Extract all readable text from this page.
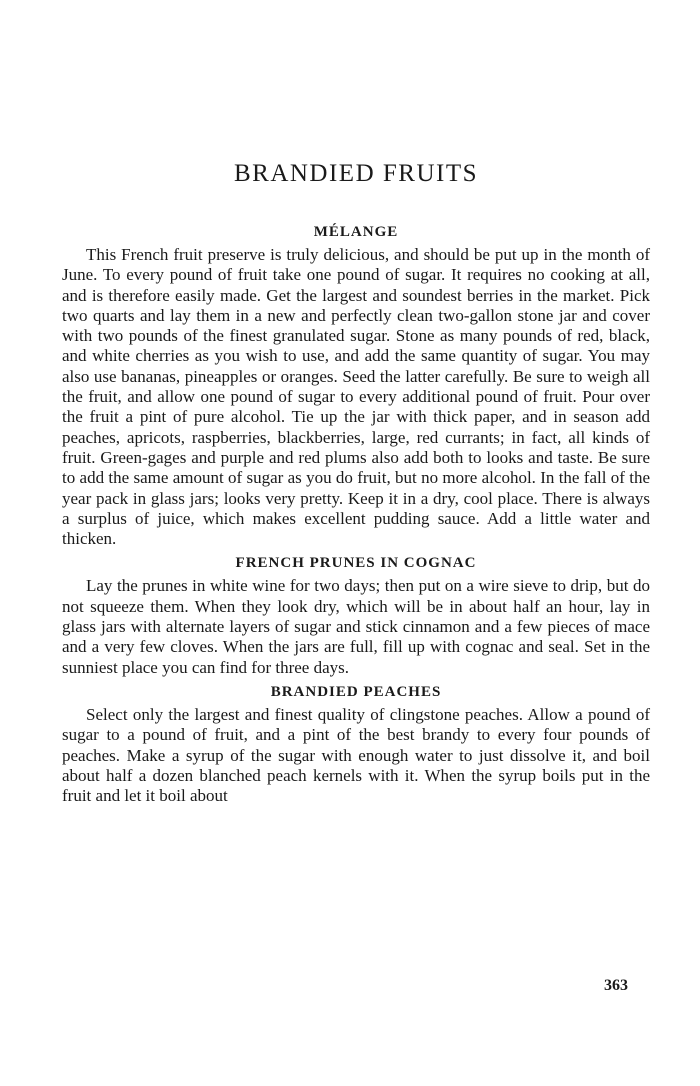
BRANDIED FRUITS
MÉLANGE

This French fruit preserve is truly delicious, and should be put up in the month of June. To every pound of fruit take one pound of sugar. It requires no cooking at all, and is therefore easily made. Get the largest and soundest berries in the market. Pick two quarts and lay them in a new and perfectly clean two-gallon stone jar and cover with two pounds of the finest granulated sugar. Stone as many pounds of red, black, and white cherries as you wish to use, and add the same quantity of sugar. You may also use bananas, pineapples or oranges. Seed the latter carefully. Be sure to weigh all the fruit, and allow one pound of sugar to every additional pound of fruit. Pour over the fruit a pint of pure alcohol. Tie up the jar with thick paper, and in season add peaches, apricots, raspberries, blackberries, large, red currants; in fact, all kinds of fruit. Green-gages and purple and red plums also add both to looks and taste. Be sure to add the same amount of sugar as you do fruit, but no more alcohol. In the fall of the year pack in glass jars; looks very pretty. Keep it in a dry, cool place. There is always a surplus of juice, which makes excellent pudding sauce. Add a little water and thicken.

FRENCH PRUNES IN COGNAC

Lay the prunes in white wine for two days; then put on a wire sieve to drip, but do not squeeze them. When they look dry, which will be in about half an hour, lay in glass jars with alternate layers of sugar and stick cinnamon and a few pieces of mace and a very few cloves. When the jars are full, fill up with cognac and seal. Set in the sunniest place you can find for three days.

BRANDIED PEACHES

Select only the largest and finest quality of clingstone peaches. Allow a pound of sugar to a pound of fruit, and a pint of the best brandy to every four pounds of peaches. Make a syrup of the sugar with enough water to just dissolve it, and boil about half a dozen blanched peach kernels with it. When the syrup boils put in the fruit and let it boil about

363
